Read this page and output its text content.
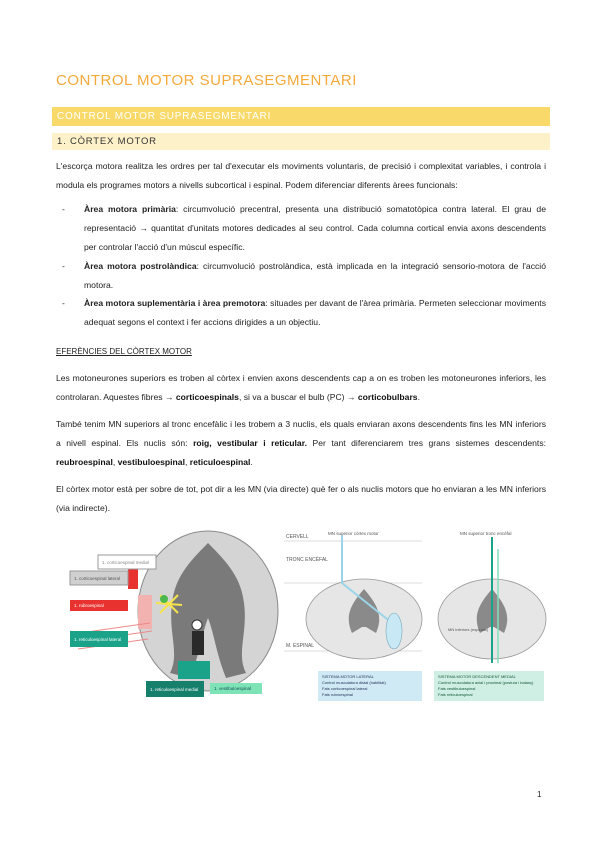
CONTROL MOTOR SUPRASEGMENTARI
CONTROL MOTOR SUPRASEGMENTARI
1. CÒRTEX MOTOR
L'escorça motora realitza les ordres per tal d'executar els moviments voluntaris, de precisió i complexitat variables, i controla i modula els programes motors a nivells subcortical i espinal. Podem diferenciar diferents àrees funcionals:
- Àrea motora primària: circumvolució precentral, presenta una distribució somatotòpica contra lateral. El grau de representació → quantitat d'unitats motores dedicades al seu control. Cada columna cortical envia axons descendents per controlar l'acció d'un múscul específic.
- Àrea motora postrolàndica: circumvolució postrolàndica, està implicada en la integració sensorio-motora de l'acció motora.
- Àrea motora suplementària i àrea premotora: situades per davant de l'àrea primària. Permeten seleccionar moviments adequat segons el context i fer accions dirigides a un objectiu.
EFERÈNCIES DEL CÒRTEX MOTOR
Les motoneurones superiors es troben al còrtex i envien axons descendents cap a on es troben les motoneurones inferiors, les controlaran. Aquestes fibres → corticoespinals, si va a buscar el bulb (PC) → corticobulbars.
També tenim MN superiors al tronc encefàlic i les trobem a 3 nuclis, els quals enviaran axons descendents fins les MN inferiors a nivell espinal. Els nuclis són: roig, vestibular i reticular. Per tant diferenciarem tres grans sistemes descendents: reubroespinal, vestibuloespinal, reticuloespinal.
El còrtex motor està per sobre de tot, pot dir a les MN (via directe) què fer o als nuclis motors que ho enviaran a les MN inferiors (via indirecte).
1. corticoespinal medial
1. corticoespinal lateral
1. rubroespinal
1. reticuloespinal lateral
1. reticuloespinal medial	1. vestibuloespinal
CERVELL
TRONC ENCÈFAL
M. ESPINAL
MN superior còrtex motor	MN superior tronc encèfal
MN inferiors (espinals)
SISTEMA MOTOR LATERAL
Control musculatura distal (habilitat)
Fats corticoespinal lateral
Fats rubroespinal
SISTEMA MOTOR DESCENDENT MEDIAL
Control musculatura axial i proximal (postura i balanç)
Fats vestibuloespinal
Fats reticuloespinal
1
